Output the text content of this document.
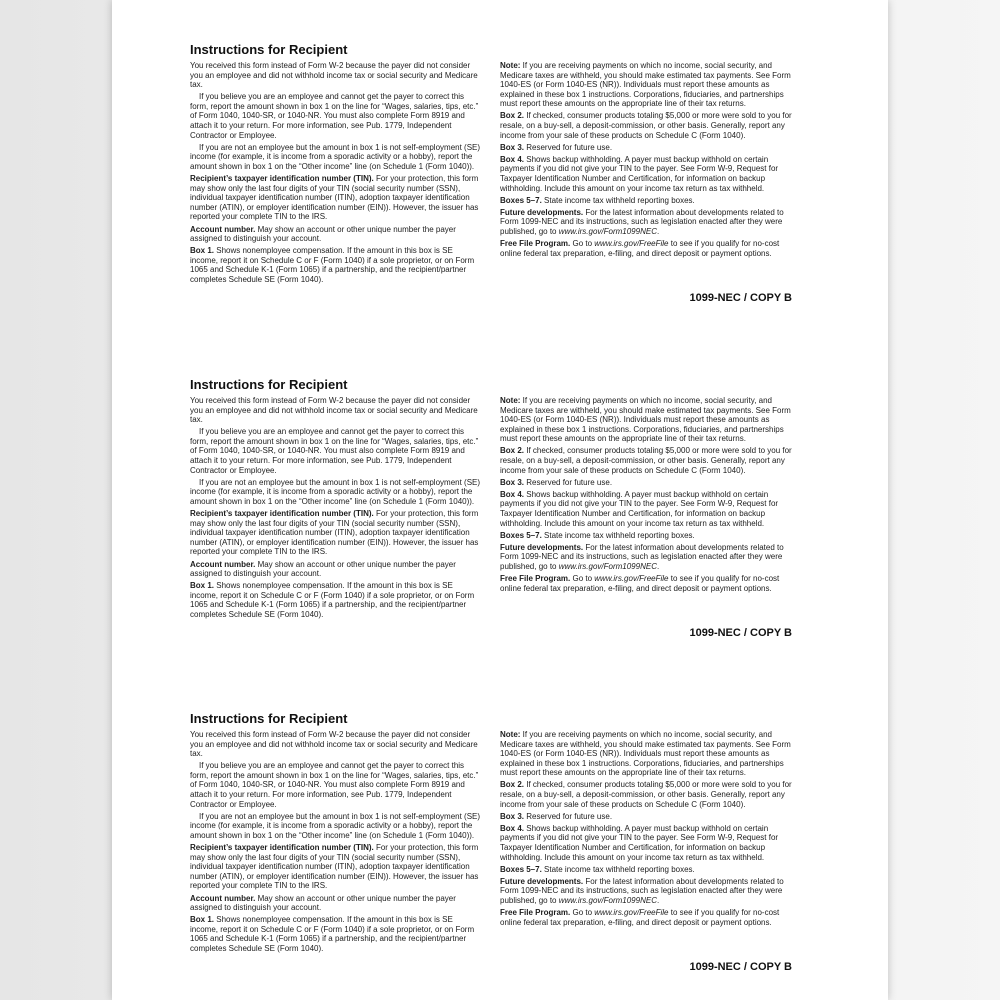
Instructions for Recipient

You received this form instead of Form W-2 because the payer did not consider you an employee and did not withhold income tax or social security and Medicare tax.

If you believe you are an employee and cannot get the payer to correct this form, report the amount shown in box 1 on the line for “Wages, salaries, tips, etc.” of Form 1040, 1040-SR, or 1040-NR. You must also complete Form 8919 and attach it to your return. For more information, see Pub. 1779, Independent Contractor or Employee.

If you are not an employee but the amount in box 1 is not self-employment (SE) income (for example, it is income from a sporadic activity or a hobby), report the amount shown in box 1 on the “Other income” line (on Schedule 1 (Form 1040)).

Recipient’s taxpayer identification number (TIN). For your protection, this form may show only the last four digits of your TIN (social security number (SSN), individual taxpayer identification number (ITIN), adoption taxpayer identification number (ATIN), or employer identification number (EIN)). However, the issuer has reported your complete TIN to the IRS.

Account number. May show an account or other unique number the payer assigned to distinguish your account.

Box 1. Shows nonemployee compensation. If the amount in this box is SE income, report it on Schedule C or F (Form 1040) if a sole proprietor, or on Form 1065 and Schedule K-1 (Form 1065) if a partnership, and the recipient/partner completes Schedule SE (Form 1040).

Note: If you are receiving payments on which no income, social security, and Medicare taxes are withheld, you should make estimated tax payments. See Form 1040-ES (or Form 1040-ES (NR)). Individuals must report these amounts as explained in these box 1 instructions. Corporations, fiduciaries, and partnerships must report these amounts on the appropriate line of their tax returns.

Box 2. If checked, consumer products totaling $5,000 or more were sold to you for resale, on a buy-sell, a deposit-commission, or other basis. Generally, report any income from your sale of these products on Schedule C (Form 1040).

Box 3. Reserved for future use.

Box 4. Shows backup withholding. A payer must backup withhold on certain payments if you did not give your TIN to the payer. See Form W-9, Request for Taxpayer Identification Number and Certification, for information on backup withholding. Include this amount on your income tax return as tax withheld.

Boxes 5–7. State income tax withheld reporting boxes.

Future developments. For the latest information about developments related to Form 1099-NEC and its instructions, such as legislation enacted after they were published, go to www.irs.gov/Form1099NEC.

Free File Program. Go to www.irs.gov/FreeFile to see if you qualify for no-cost online federal tax preparation, e-filing, and direct deposit or payment options.

1099-NEC / COPY B
Instructions for Recipient

You received this form instead of Form W-2 because the payer did not consider you an employee and did not withhold income tax or social security and Medicare tax.

If you believe you are an employee and cannot get the payer to correct this form, report the amount shown in box 1 on the line for “Wages, salaries, tips, etc.” of Form 1040, 1040-SR, or 1040-NR. You must also complete Form 8919 and attach it to your return. For more information, see Pub. 1779, Independent Contractor or Employee.

If you are not an employee but the amount in box 1 is not self-employment (SE) income (for example, it is income from a sporadic activity or a hobby), report the amount shown in box 1 on the “Other income” line (on Schedule 1 (Form 1040)).

Recipient’s taxpayer identification number (TIN). For your protection, this form may show only the last four digits of your TIN (social security number (SSN), individual taxpayer identification number (ITIN), adoption taxpayer identification number (ATIN), or employer identification number (EIN)). However, the issuer has reported your complete TIN to the IRS.

Account number. May show an account or other unique number the payer assigned to distinguish your account.

Box 1. Shows nonemployee compensation. If the amount in this box is SE income, report it on Schedule C or F (Form 1040) if a sole proprietor, or on Form 1065 and Schedule K-1 (Form 1065) if a partnership, and the recipient/partner completes Schedule SE (Form 1040).

Note: If you are receiving payments on which no income, social security, and Medicare taxes are withheld, you should make estimated tax payments. See Form 1040-ES (or Form 1040-ES (NR)). Individuals must report these amounts as explained in these box 1 instructions. Corporations, fiduciaries, and partnerships must report these amounts on the appropriate line of their tax returns.

Box 2. If checked, consumer products totaling $5,000 or more were sold to you for resale, on a buy-sell, a deposit-commission, or other basis. Generally, report any income from your sale of these products on Schedule C (Form 1040).

Box 3. Reserved for future use.

Box 4. Shows backup withholding. A payer must backup withhold on certain payments if you did not give your TIN to the payer. See Form W-9, Request for Taxpayer Identification Number and Certification, for information on backup withholding. Include this amount on your income tax return as tax withheld.

Boxes 5–7. State income tax withheld reporting boxes.

Future developments. For the latest information about developments related to Form 1099-NEC and its instructions, such as legislation enacted after they were published, go to www.irs.gov/Form1099NEC.

Free File Program. Go to www.irs.gov/FreeFile to see if you qualify for no-cost online federal tax preparation, e-filing, and direct deposit or payment options.

1099-NEC / COPY B
Instructions for Recipient

You received this form instead of Form W-2 because the payer did not consider you an employee and did not withhold income tax or social security and Medicare tax.

If you believe you are an employee and cannot get the payer to correct this form, report the amount shown in box 1 on the line for “Wages, salaries, tips, etc.” of Form 1040, 1040-SR, or 1040-NR. You must also complete Form 8919 and attach it to your return. For more information, see Pub. 1779, Independent Contractor or Employee.

If you are not an employee but the amount in box 1 is not self-employment (SE) income (for example, it is income from a sporadic activity or a hobby), report the amount shown in box 1 on the “Other income” line (on Schedule 1 (Form 1040)).

Recipient’s taxpayer identification number (TIN). For your protection, this form may show only the last four digits of your TIN (social security number (SSN), individual taxpayer identification number (ITIN), adoption taxpayer identification number (ATIN), or employer identification number (EIN)). However, the issuer has reported your complete TIN to the IRS.

Account number. May show an account or other unique number the payer assigned to distinguish your account.

Box 1. Shows nonemployee compensation. If the amount in this box is SE income, report it on Schedule C or F (Form 1040) if a sole proprietor, or on Form 1065 and Schedule K-1 (Form 1065) if a partnership, and the recipient/partner completes Schedule SE (Form 1040).

Note: If you are receiving payments on which no income, social security, and Medicare taxes are withheld, you should make estimated tax payments. See Form 1040-ES (or Form 1040-ES (NR)). Individuals must report these amounts as explained in these box 1 instructions. Corporations, fiduciaries, and partnerships must report these amounts on the appropriate line of their tax returns.

Box 2. If checked, consumer products totaling $5,000 or more were sold to you for resale, on a buy-sell, a deposit-commission, or other basis. Generally, report any income from your sale of these products on Schedule C (Form 1040).

Box 3. Reserved for future use.

Box 4. Shows backup withholding. A payer must backup withhold on certain payments if you did not give your TIN to the payer. See Form W-9, Request for Taxpayer Identification Number and Certification, for information on backup withholding. Include this amount on your income tax return as tax withheld.

Boxes 5–7. State income tax withheld reporting boxes.

Future developments. For the latest information about developments related to Form 1099-NEC and its instructions, such as legislation enacted after they were published, go to www.irs.gov/Form1099NEC.

Free File Program. Go to www.irs.gov/FreeFile to see if you qualify for no-cost online federal tax preparation, e-filing, and direct deposit or payment options.

1099-NEC / COPY B
